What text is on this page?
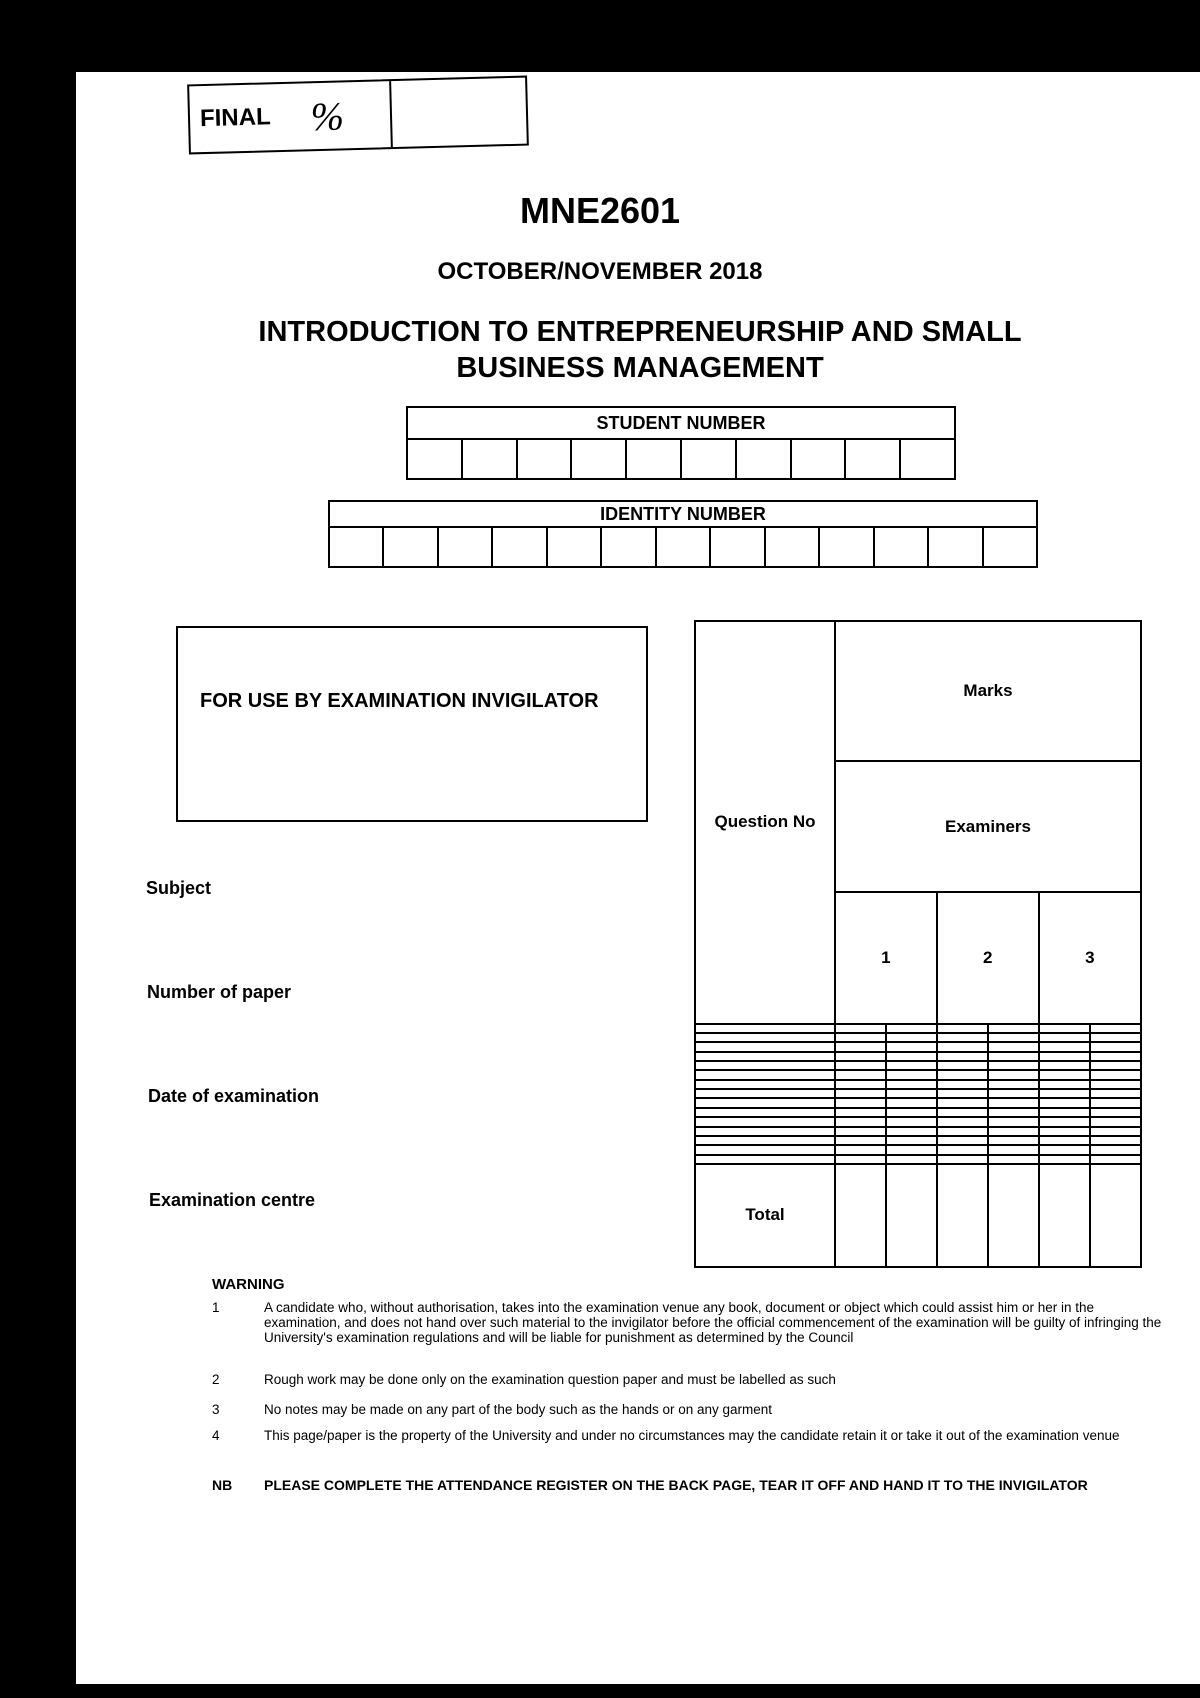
FINAL %
MNE2601
OCTOBER/NOVEMBER 2018
INTRODUCTION TO ENTREPRENEURSHIP AND SMALL
BUSINESS MANAGEMENT
STUDENT NUMBER
IDENTITY NUMBER
FOR USE BY EXAMINATION INVIGILATOR
Subject
Number of paper
Date of examination
Examination centre
Question No	Marks					
	Examiners					
	1		2		3	

Total						
WARNING
1	A candidate who, without authorisation, takes into the examination venue any book, document or object which could assist him or her in the examination, and does not hand over such material to the invigilator before the official commencement of the examination will be guilty of infringing the University's examination regulations and will be liable for punishment as determined by the Council
2	Rough work may be done only on the examination question paper and must be labelled as such
3	No notes may be made on any part of the body such as the hands or on any garment
4	This page/paper is the property of the University and under no circumstances may the candidate retain it or take it out of the examination venue
NB PLEASE COMPLETE THE ATTENDANCE REGISTER ON THE BACK PAGE, TEAR IT OFF AND HAND IT TO THE INVIGILATOR
